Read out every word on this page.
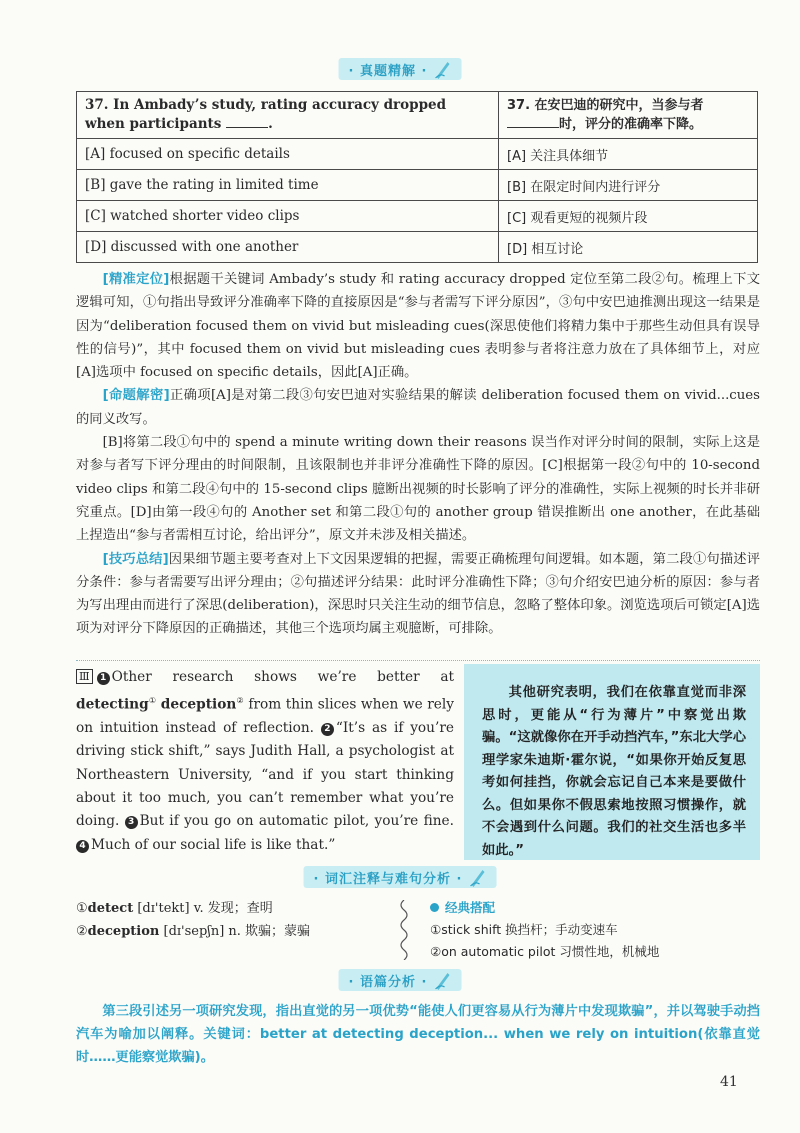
· 真题精解 ·
37. In Ambady’s study, rating accuracy dropped when participants .	37. 在安巴迪的研究中，当参与者
时，评分的准确率下降。
[A] focused on specific details	[A] 关注具体细节
[B] gave the rating in limited time	[B] 在限定时间内进行评分
[C] watched shorter video clips	[C] 观看更短的视频片段
[D] discussed with one another	[D] 相互讨论

[精准定位]根据题干关键词 Ambady’s study 和 rating accuracy dropped 定位至第二段②句。梳理上下文逻辑可知，①句指出导致评分准确率下降的直接原因是“参与者需写下评分原因”，③句中安巴迪推测出现这一结果是因为“deliberation focused them on vivid but misleading cues(深思使他们将精力集中于那些生动但具有误导性的信号)”，其中 focused them on vivid but misleading cues 表明参与者将注意力放在了具体细节上，对应[A]选项中 focused on specific details，因此[A]正确。

[命题解密]正确项[A]是对第二段③句安巴迪对实验结果的解读 deliberation focused them on vivid...cues 的同义改写。

[B]将第二段①句中的 spend a minute writing down their reasons 误当作对评分时间的限制，实际上这是对参与者写下评分理由的时间限制，且该限制也并非评分准确性下降的原因。[C]根据第一段②句中的 10-second video clips 和第二段④句中的 15-second clips 臆断出视频的时长影响了评分的准确性，实际上视频的时长并非研究重点。[D]由第一段④句的 Another set 和第二段①句的 another group 错误推断出 one another，在此基础上捏造出“参与者需相互讨论，给出评分”，原文并未涉及相关描述。

[技巧总结]因果细节题主要考查对上下文因果逻辑的把握，需要正确梳理句间逻辑。如本题，第二段①句描述评分条件：参与者需要写出评分理由；②句描述评分结果：此时评分准确性下降；③句介绍安巴迪分析的原因：参与者为写出理由而进行了深思(deliberation)，深思时只关注生动的细节信息，忽略了整体印象。浏览选项后可锁定[A]选项为对评分下降原因的正确描述，其他三个选项均属主观臆断，可排除。

Ⅲ 1 Other research shows we’re better at detecting① deception② from thin slices when we rely on intuition instead of reflection. 2 “It’s as if you’re driving stick shift,” says Judith Hall, a psychologist at Northeastern University, “and if you start thinking about it too much, you can’t remember what you’re doing. 3 But if you go on automatic pilot, you’re fine. 4 Much of our social life is like that.”
其他研究表明，我们在依靠直觉而非深思时，更能从“行为薄片”中察觉出欺骗。“这就像你在开手动挡汽车，”东北大学心理学家朱迪斯·霍尔说，“如果你开始反复思考如何挂挡，你就会忘记自己本来是要做什么。但如果你不假思索地按照习惯操作，就不会遇到什么问题。我们的社交生活也多半如此。”
· 词汇注释与难句分析 ·
①detect [dɪ'tekt] v. 发现；查明
②deception [dɪ'sepʃn] n. 欺骗；蒙骗
经典搭配
①stick shift 换挡杆；手动变速车
②on automatic pilot 习惯性地，机械地
· 语篇分析 ·

第三段引述另一项研究发现，指出直觉的另一项优势“能使人们更容易从行为薄片中发现欺骗”，并以驾驶手动挡汽车为喻加以阐释。关键词：better at detecting deception... when we rely on intuition(依靠直觉时……更能察觉欺骗)。

41
